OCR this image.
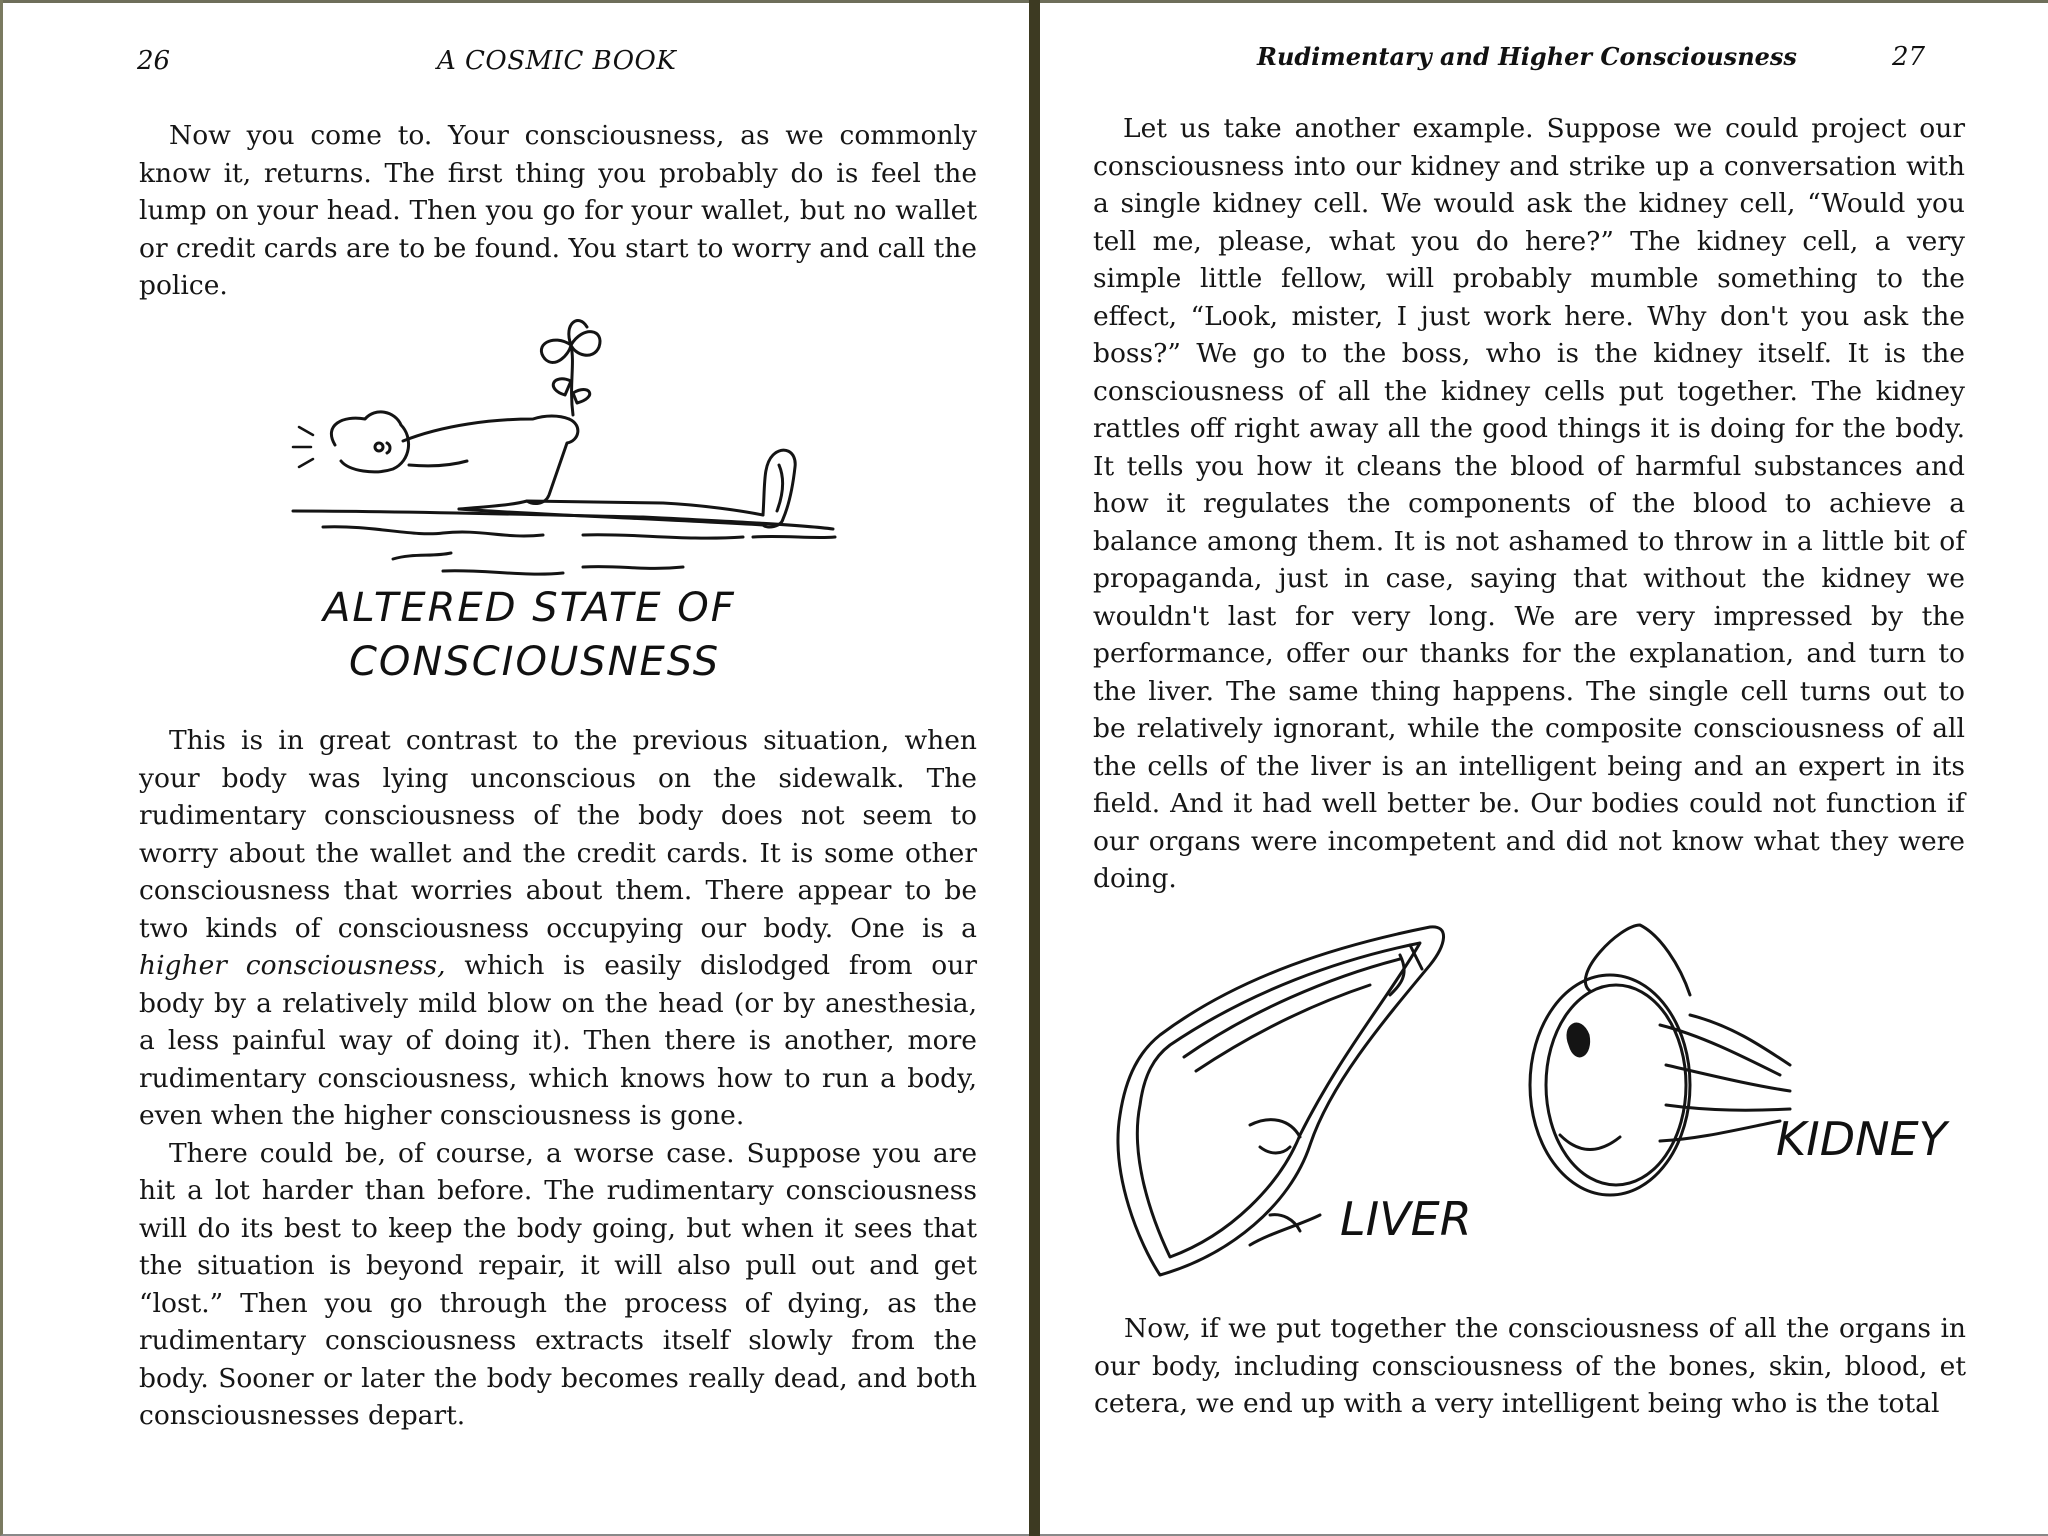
26	A COSMIC BOOK

Now you come to. Your consciousness, as we commonly know it, returns. The first thing you probably do is feel the lump on your head. Then you go for your wallet, but no wallet or credit cards are to be found. You start to worry and call the police.

ALTERED STATE OF
CONSCIOUSNESS

This is in great contrast to the previous situation, when your body was lying unconscious on the sidewalk. The rudimentary consciousness of the body does not seem to worry about the wallet and the credit cards. It is some other consciousness that worries about them. There appear to be two kinds of consciousness occupying our body. One is a higher consciousness, which is easily dislodged from our body by a relatively mild blow on the head (or by anesthesia, a less painful way of doing it). Then there is another, more rudimentary consciousness, which knows how to run a body, even when the higher consciousness is gone.

There could be, of course, a worse case. Suppose you are hit a lot harder than before. The rudimentary consciousness will do its best to keep the body going, but when it sees that the situation is beyond repair, it will also pull out and get “lost.” Then you go through the process of dying, as the rudimentary consciousness extracts itself slowly from the body. Sooner or later the body becomes really dead, and both consciousnesses depart.

Rudimentary and Higher Consciousness	27

Let us take another example. Suppose we could project our consciousness into our kidney and strike up a conversation with a single kidney cell. We would ask the kidney cell, “Would you tell me, please, what you do here?” The kidney cell, a very simple little fellow, will probably mumble something to the effect, “Look, mister, I just work here. Why don't you ask the boss?” We go to the boss, who is the kidney itself. It is the consciousness of all the kidney cells put together. The kidney rattles off right away all the good things it is doing for the body. It tells you how it cleans the blood of harmful substances and how it regulates the components of the blood to achieve a balance among them. It is not ashamed to throw in a little bit of propaganda, just in case, saying that without the kidney we wouldn't last for very long. We are very impressed by the performance, offer our thanks for the explanation, and turn to the liver. The same thing happens. The single cell turns out to be relatively ignorant, while the composite consciousness of all the cells of the liver is an intelligent being and an expert in its field. And it had well better be. Our bodies could not function if our organs were incompetent and did not know what they were doing.

LIVER
KIDNEY

Now, if we put together the consciousness of all the organs in our body, including consciousness of the bones, skin, blood, et cetera, we end up with a very intelligent being who is the total
